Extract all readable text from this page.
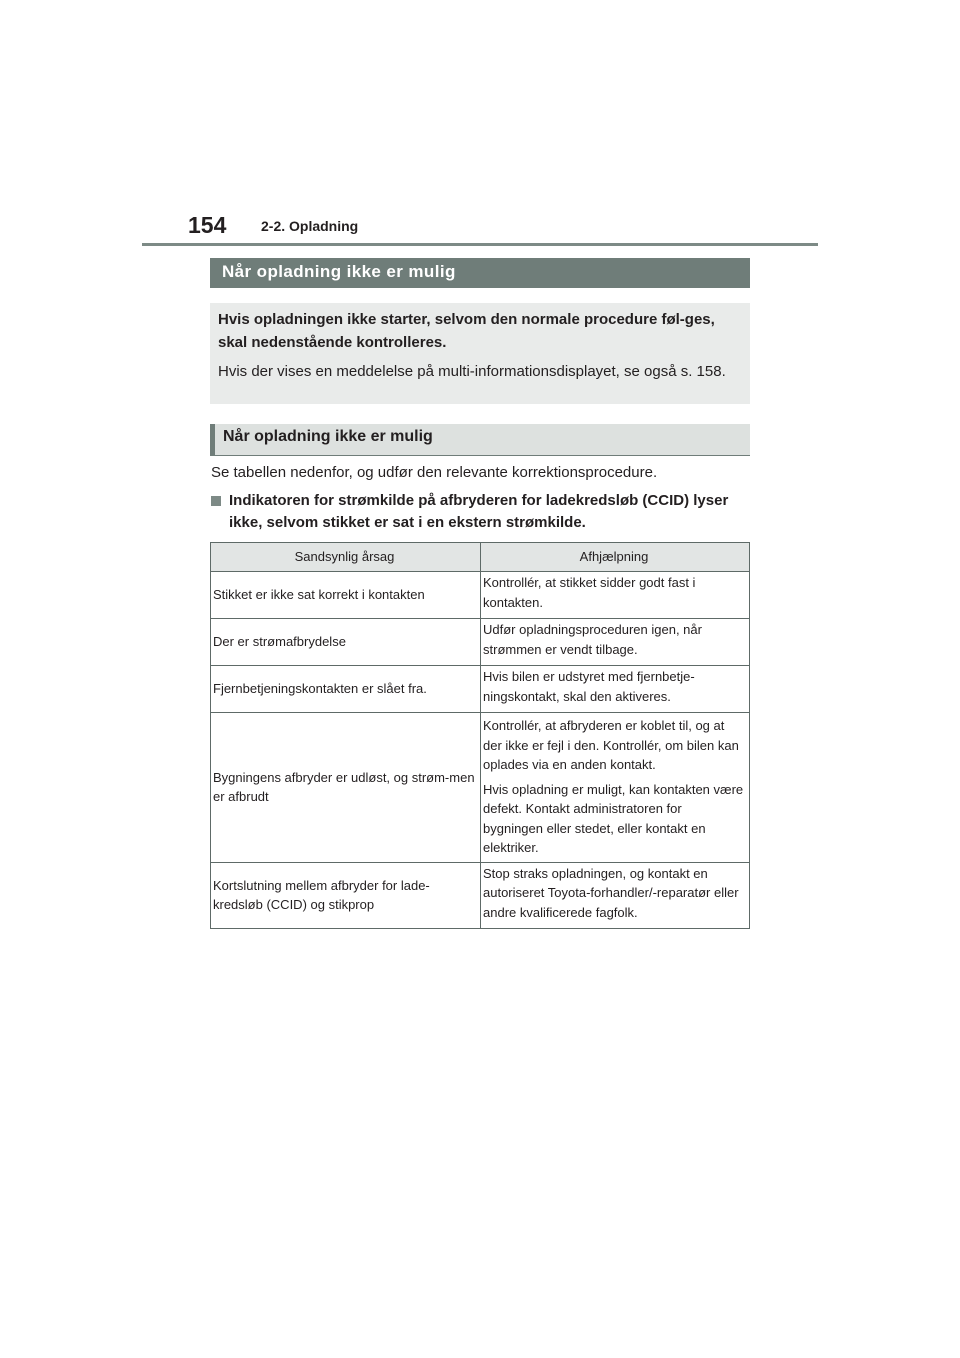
154 2-2. Opladning
Når opladning ikke er mulig

Hvis opladningen ikke starter, selvom den normale procedure føl-ges, skal nedenstående kontrolleres.

Hvis der vises en meddelelse på multi-informationsdisplayet, se også s. 158.

Når opladning ikke er mulig
Se tabellen nedenfor, og udfør den relevante korrektionsprocedure.
Indikatoren for strømkilde på afbryderen for ladekredsløb (CCID) lyser ikke, selvom stikket er sat i en ekstern strømkilde.
Sandsynlig årsag	Afhjælpning
Stikket er ikke sat korrekt i kontakten	Kontrollér, at stikket sidder godt fast i kontakten.

Der er strømafbrydelse	Udfør opladningsproceduren igen, når strømmen er vendt tilbage.

Fjernbetjeningskontakten er slået fra.	Hvis bilen er udstyret med fjernbetje-ningskontakt, skal den aktiveres.

Bygningens afbryder er udløst, og strøm-men er afbrudt	Kontrollér, at afbryderen er koblet til, og at der ikke er fejl i den. Kontrollér, om bilen kan oplades via en anden kontakt.

Hvis opladning er muligt, kan kontakten være defekt. Kontakt administratoren for bygningen eller stedet, eller kontakt en elektriker.

Kortslutning mellem afbryder for lade-kredsløb (CCID) og stikprop	Stop straks opladningen, og kontakt en autoriseret Toyota-forhandler/-reparatør eller andre kvalificerede fagfolk.
